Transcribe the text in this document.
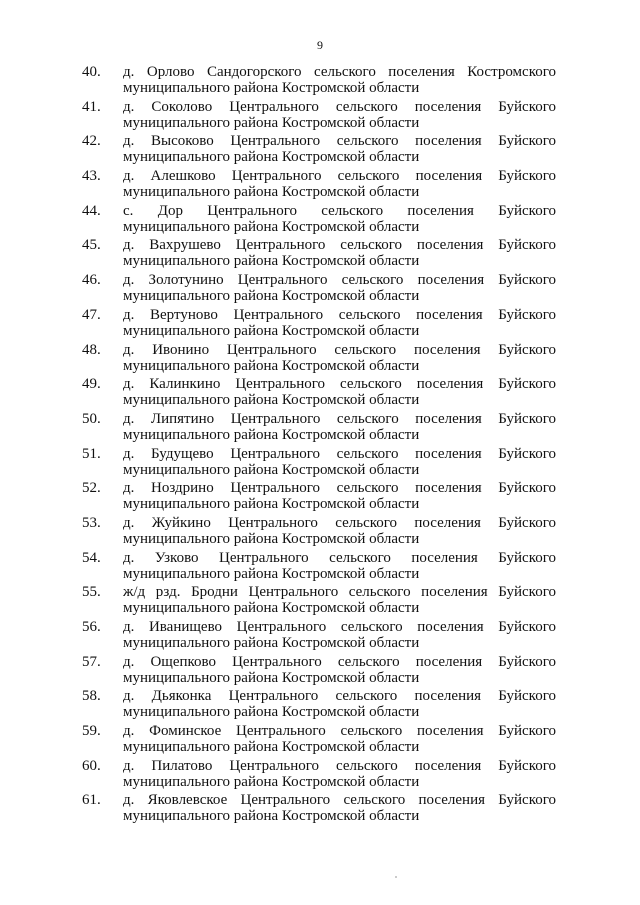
9
40.	д. Орлово Сандогорского сельского поселения Костромского
муниципального района Костромской области
41.	д. Соколово Центрального сельского поселения Буйского
муниципального района Костромской области
42.	д. Высоково Центрального сельского поселения Буйского
муниципального района Костромской области
43.	д. Алешково Центрального сельского поселения Буйского
муниципального района Костромской области
44.	с. Дор Центрального сельского поселения Буйского
муниципального района Костромской области
45.	д. Вахрушево Центрального сельского поселения Буйского
муниципального района Костромской области
46.	д. Золотунино Центрального сельского поселения Буйского
муниципального района Костромской области
47.	д. Вертуново Центрального сельского поселения Буйского
муниципального района Костромской области
48.	д. Ивонино Центрального сельского поселения Буйского
муниципального района Костромской области
49.	д. Калинкино Центрального сельского поселения Буйского
муниципального района Костромской области
50.	д. Липятино Центрального сельского поселения Буйского
муниципального района Костромской области
51.	д. Будущево Центрального сельского поселения Буйского
муниципального района Костромской области
52.	д. Ноздрино Центрального сельского поселения Буйского
муниципального района Костромской области
53.	д. Жуйкино Центрального сельского поселения Буйского
муниципального района Костромской области
54.	д. Узково Центрального сельского поселения Буйского
муниципального района Костромской области
55.	ж/д рзд. Бродни Центрального сельского поселения Буйского
муниципального района Костромской области
56.	д. Иванищево Центрального сельского поселения Буйского
муниципального района Костромской области
57.	д. Ощепково Центрального сельского поселения Буйского
муниципального района Костромской области
58.	д. Дьяконка Центрального сельского поселения Буйского
муниципального района Костромской области
59.	д. Фоминское Центрального сельского поселения Буйского
муниципального района Костромской области
60.	д. Пилатово Центрального сельского поселения Буйского
муниципального района Костромской области
61.	д. Яковлевское Центрального сельского поселения Буйского
муниципального района Костромской области
